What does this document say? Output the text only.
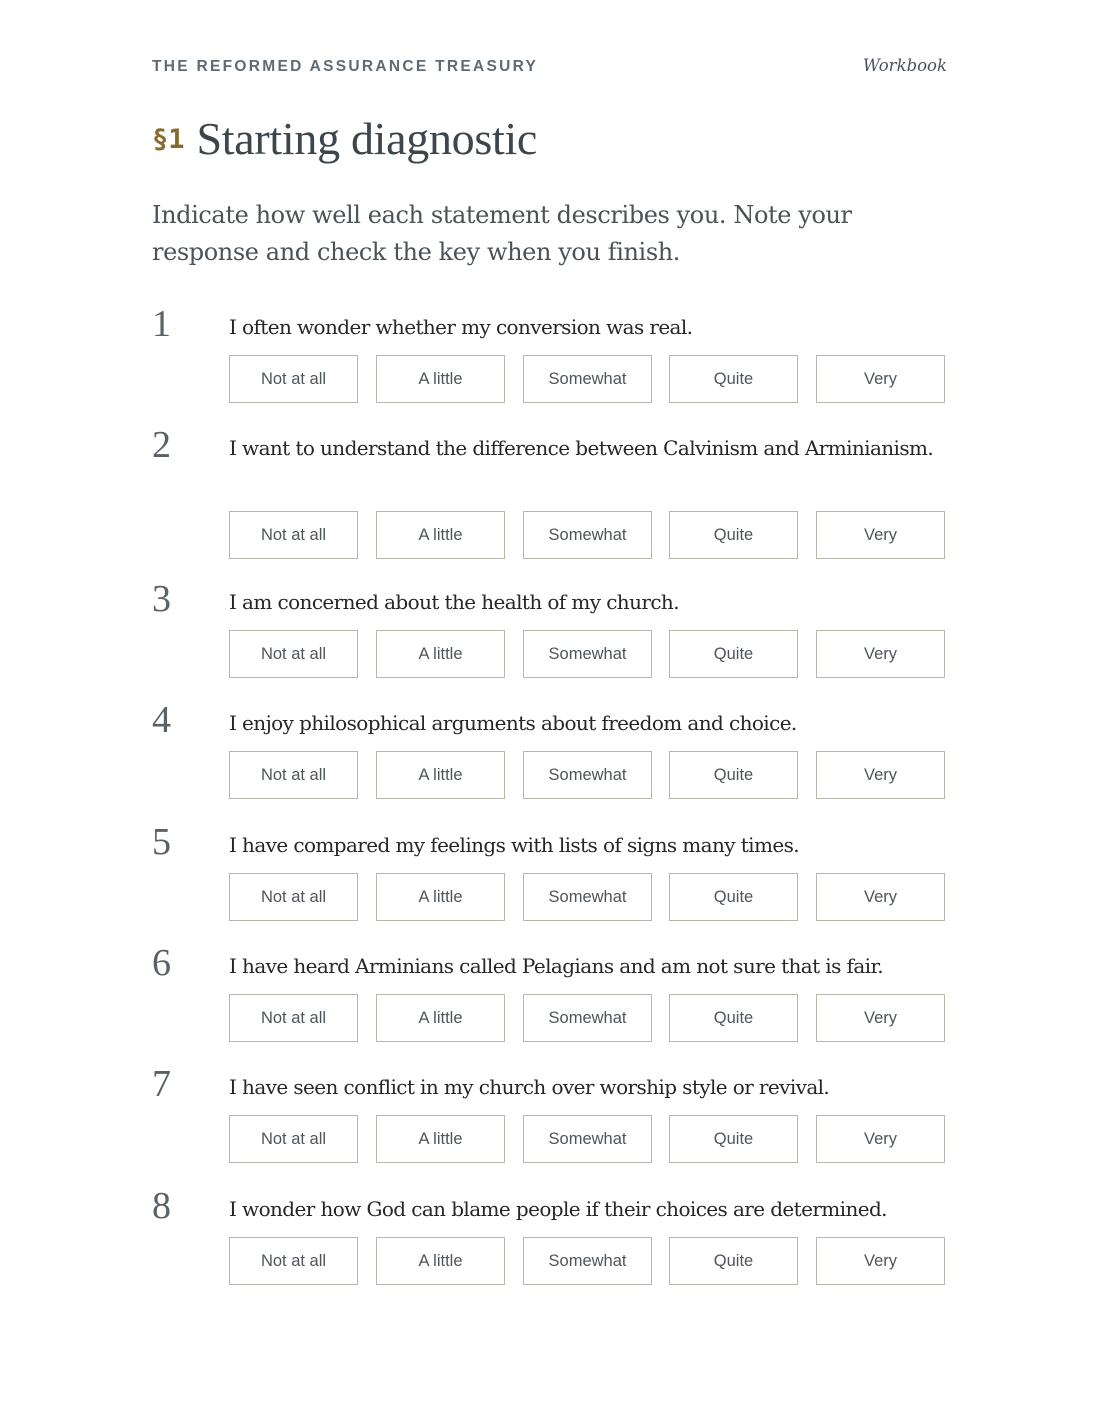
THE REFORMED ASSURANCE TREASURY	Workbook
§1 Starting diagnostic
Indicate how well each statement describes you. Note your response and check the key when you finish.
1	I often wonder whether my conversion was real.
Not at all	A little	Somewhat	Quite	Very
2	I want to understand the difference between Calvinism and Arminianism.
Not at all	A little	Somewhat	Quite	Very
3	I am concerned about the health of my church.
Not at all	A little	Somewhat	Quite	Very
4	I enjoy philosophical arguments about freedom and choice.
Not at all	A little	Somewhat	Quite	Very
5	I have compared my feelings with lists of signs many times.
Not at all	A little	Somewhat	Quite	Very
6	I have heard Arminians called Pelagians and am not sure that is fair.
Not at all	A little	Somewhat	Quite	Very
7	I have seen conflict in my church over worship style or revival.
Not at all	A little	Somewhat	Quite	Very
8	I wonder how God can blame people if their choices are determined.
Not at all	A little	Somewhat	Quite	Very
